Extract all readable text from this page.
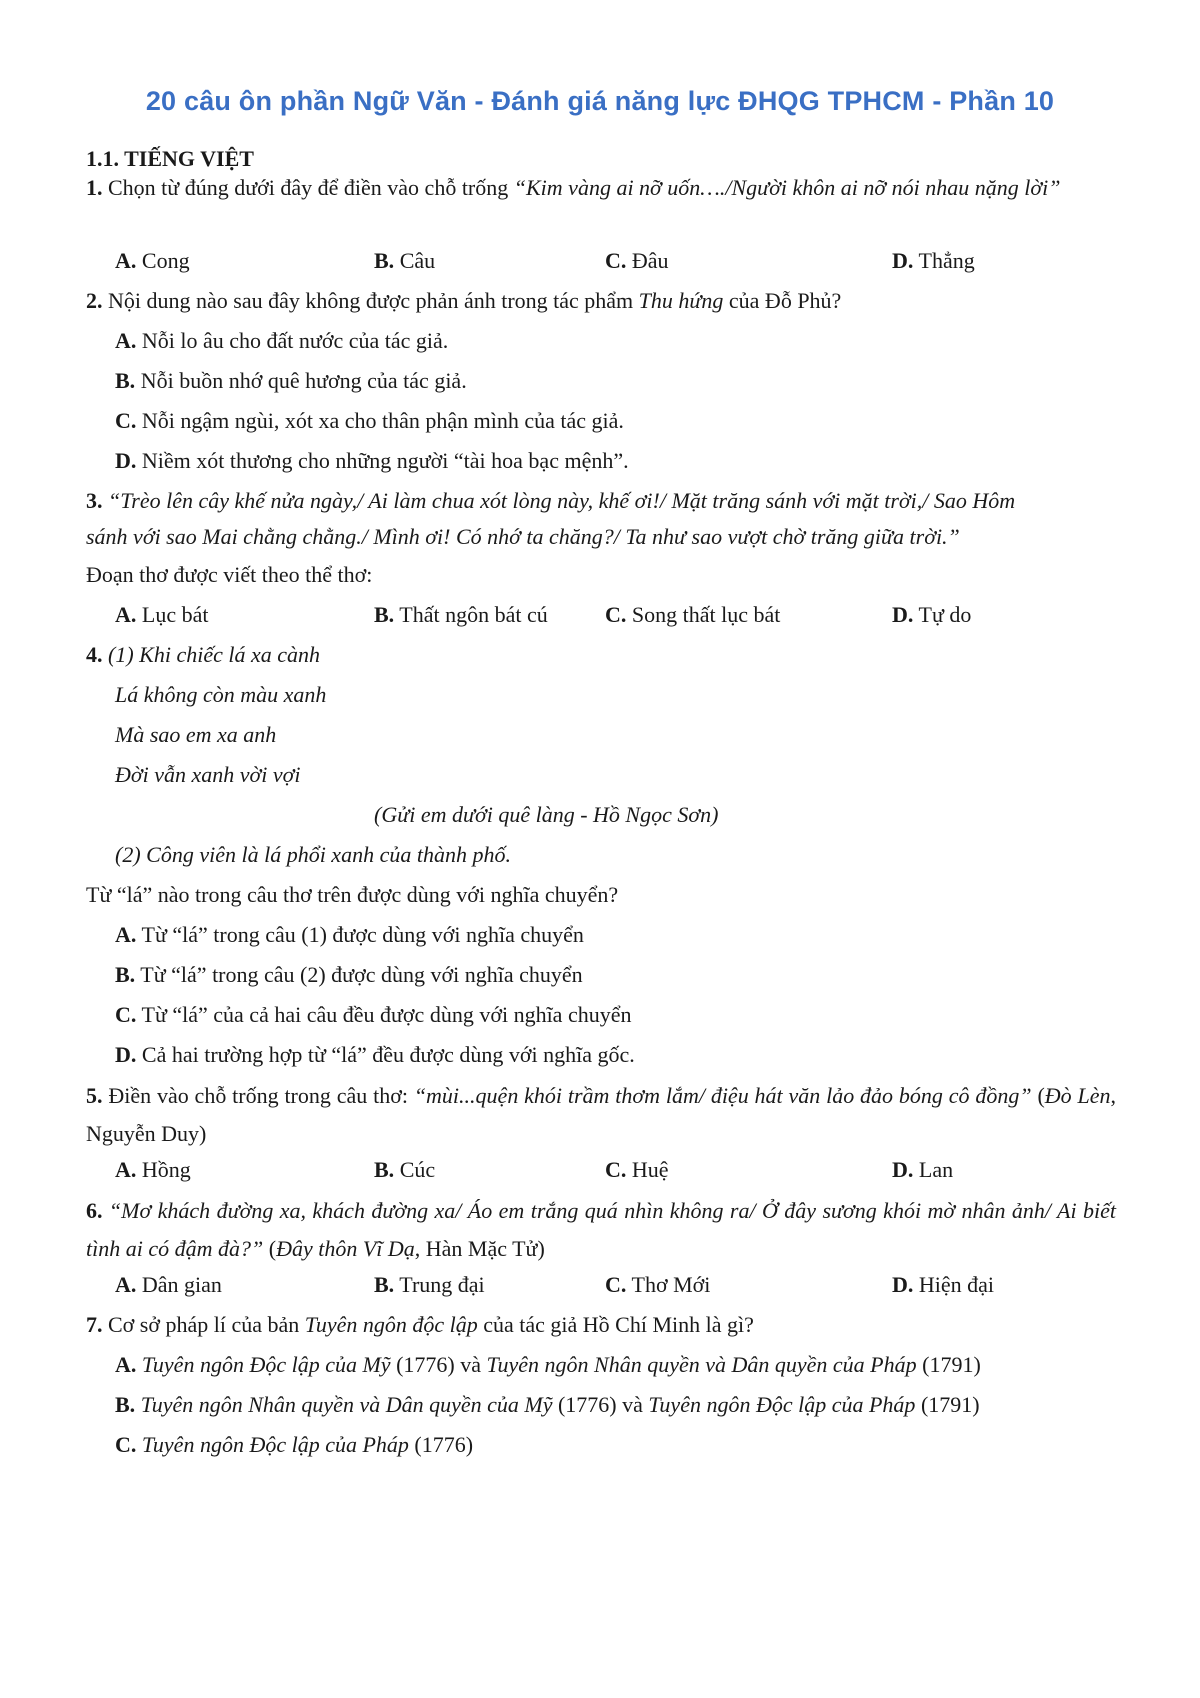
20 câu ôn phần Ngữ Văn - Đánh giá năng lực ĐHQG TPHCM - Phần 10
1.1. TIẾNG VIỆT
1. Chọn từ đúng dưới đây để điền vào chỗ trống “Kim vàng ai nỡ uốn…./Người khôn ai nỡ nói nhau nặng lời”
A. Cong	B. Câu	C. Đâu	D. Thẳng
2. Nội dung nào sau đây không được phản ánh trong tác phẩm Thu hứng của Đỗ Phủ?
A. Nỗi lo âu cho đất nước của tác giả.
B. Nỗi buồn nhớ quê hương của tác giả.
C. Nỗi ngậm ngùi, xót xa cho thân phận mình của tác giả.
D. Niềm xót thương cho những người “tài hoa bạc mệnh”.
3. “Trèo lên cây khế nửa ngày,/ Ai làm chua xót lòng này, khế ơi!/ Mặt trăng sánh với mặt trời,/ Sao Hôm
sánh với sao Mai chằng chằng./ Mình ơi! Có nhớ ta chăng?/ Ta như sao vượt chờ trăng giữa trời.”
Đoạn thơ được viết theo thể thơ:
A. Lục bát	B. Thất ngôn bát cú	C. Song thất lục bát	D. Tự do
4. (1) Khi chiếc lá xa cành
Lá không còn màu xanh
Mà sao em xa anh
Đời vẫn xanh vời vợi
(Gửi em dưới quê làng - Hồ Ngọc Sơn)
(2) Công viên là lá phổi xanh của thành phố.
Từ “lá” nào trong câu thơ trên được dùng với nghĩa chuyển?
A. Từ “lá” trong câu (1) được dùng với nghĩa chuyển
B. Từ “lá” trong câu (2) được dùng với nghĩa chuyển
C. Từ “lá” của cả hai câu đều được dùng với nghĩa chuyển
D. Cả hai trường hợp từ “lá” đều được dùng với nghĩa gốc.
5. Điền vào chỗ trống trong câu thơ: “mùi...quện khói trầm thơm lắm/ điệu hát văn lảo đảo bóng cô đồng” (Đò Lèn, Nguyễn Duy)
A. Hồng	B. Cúc	C. Huệ	D. Lan
6. “Mơ khách đường xa, khách đường xa/ Áo em trắng quá nhìn không ra/ Ở đây sương khói mờ nhân ảnh/ Ai biết tình ai có đậm đà?” (Đây thôn Vĩ Dạ, Hàn Mặc Tử)
A. Dân gian	B. Trung đại	C. Thơ Mới	D. Hiện đại
7. Cơ sở pháp lí của bản Tuyên ngôn độc lập của tác giả Hồ Chí Minh là gì?
A. Tuyên ngôn Độc lập của Mỹ (1776) và Tuyên ngôn Nhân quyền và Dân quyền của Pháp (1791)
B. Tuyên ngôn Nhân quyền và Dân quyền của Mỹ (1776) và Tuyên ngôn Độc lập của Pháp (1791)
C. Tuyên ngôn Độc lập của Pháp (1776)
